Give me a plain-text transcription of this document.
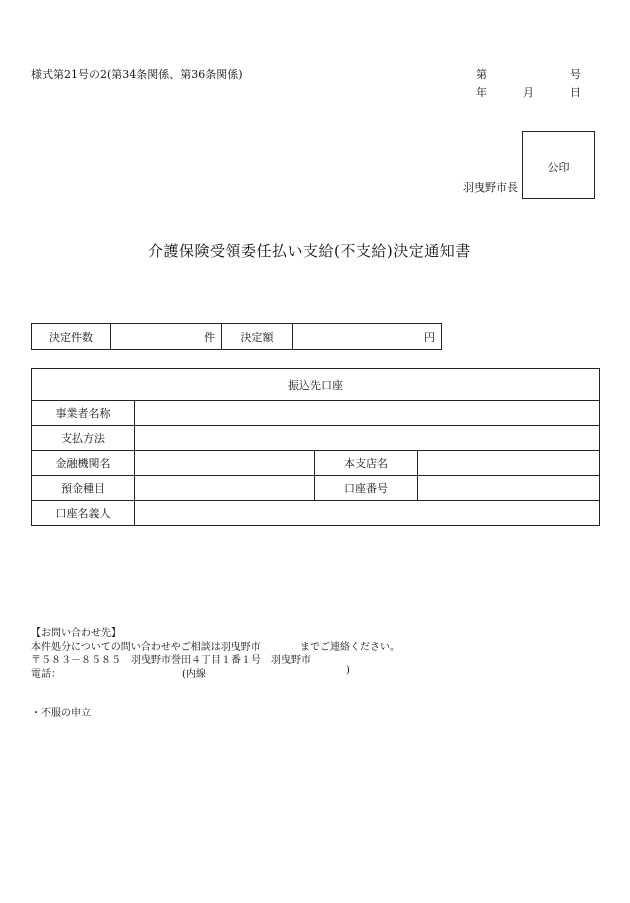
様式第21号の2(第34条関係、第36条関係)	第	号
年	月	日
羽曳野市長
公印
介護保険受領委任払い支給(不支給)決定通知書
決定件数	件	決定額	円
振込先口座			
事業者名称			
支払方法			
金融機関名		本支店名	
預金種目		口座番号	
口座名義人			
【お問い合わせ先】
本件処分についての問い合わせやご相談は羽曳野市	までご連絡ください。
〒５８３－８５８５　羽曳野市誉田４丁目１番１号　羽曳野市
電話：	(内線	)
・不服の申立
